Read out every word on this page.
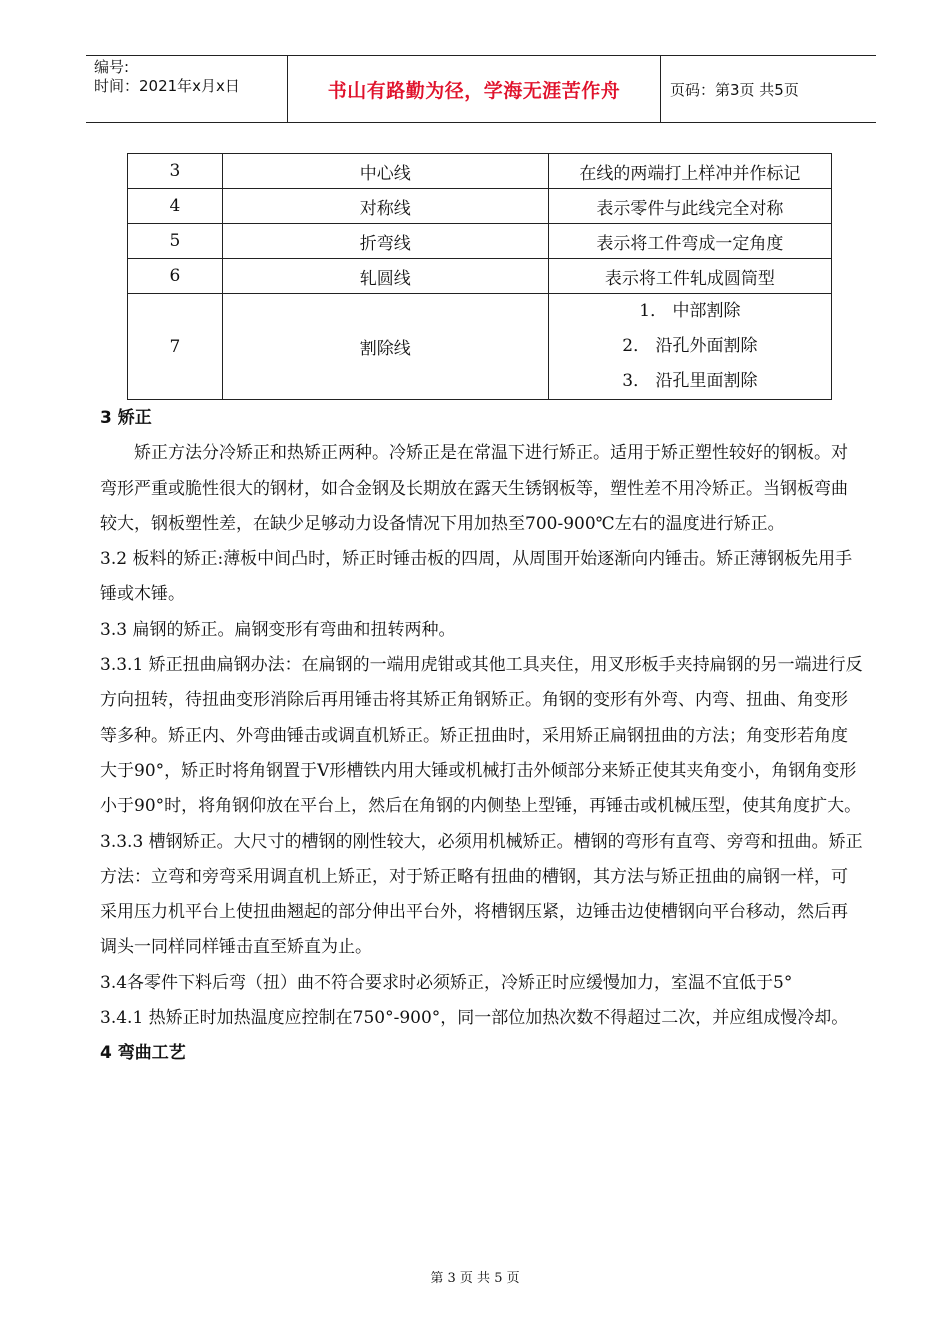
编号:
时间：2021年x月x日	书山有路勤为径，学海无涯苦作舟	页码：第3页 共5页
3	中心线	在线的两端打上样冲并作标记
4	对称线	表示零件与此线完全对称
5	折弯线	表示将工件弯成一定角度
6	轧圆线	表示将工件轧成圆筒型
7	割除线	1． 中部割除
2． 沿孔外面割除
3． 沿孔里面割除

3 矫正

矫正方法分冷矫正和热矫正两种。冷矫正是在常温下进行矫正。适用于矫正塑性较好的钢板。对弯形严重或脆性很大的钢材，如合金钢及长期放在露天生锈钢板等，塑性差不用冷矫正。当钢板弯曲较大，钢板塑性差，在缺少足够动力设备情况下用加热至700-900℃左右的温度进行矫正。

3.2 板料的矫正:薄板中间凸时，矫正时锤击板的四周，从周围开始逐渐向内锤击。矫正薄钢板先用手锤或木锤。

3.3 扁钢的矫正。扁钢变形有弯曲和扭转两种。

3.3.1 矫正扭曲扁钢办法：在扁钢的一端用虎钳或其他工具夹住，用叉形板手夹持扁钢的另一端进行反方向扭转，待扭曲变形消除后再用锤击将其矫正角钢矫正。角钢的变形有外弯、内弯、扭曲、角变形等多种。矫正内、外弯曲锤击或调直机矫正。矫正扭曲时，采用矫正扁钢扭曲的方法；角变形若角度大于90°，矫正时将角钢置于V形槽铁内用大锤或机械打击外倾部分来矫正使其夹角变小，角钢角变形小于90°时，将角钢仰放在平台上，然后在角钢的内侧垫上型锤，再锤击或机械压型，使其角度扩大。

3.3.3 槽钢矫正。大尺寸的槽钢的刚性较大，必须用机械矫正。槽钢的弯形有直弯、旁弯和扭曲。矫正方法：立弯和旁弯采用调直机上矫正，对于矫正略有扭曲的槽钢，其方法与矫正扭曲的扁钢一样，可采用压力机平台上使扭曲翘起的部分伸出平台外，将槽钢压紧，边锤击边使槽钢向平台移动，然后再调头一同样同样锤击直至矫直为止。

3.4各零件下料后弯（扭）曲不符合要求时必须矫正，冷矫正时应缓慢加力，室温不宜低于5°

3.4.1 热矫正时加热温度应控制在750°-900°，同一部位加热次数不得超过二次，并应组成慢冷却。

4 弯曲工艺

第 3 页 共 5 页
